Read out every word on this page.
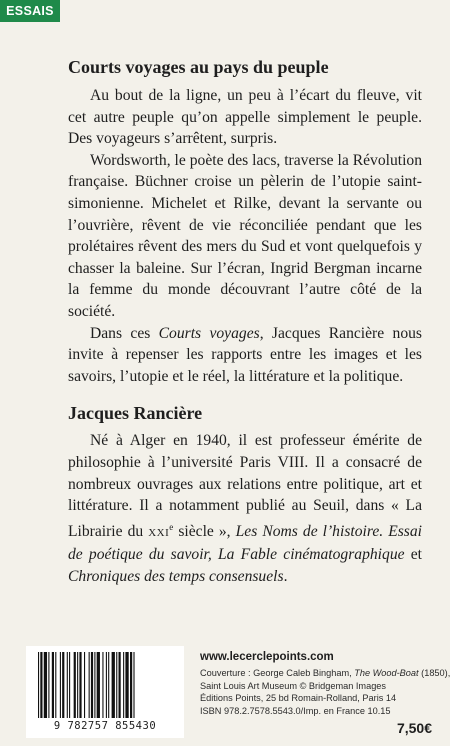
ESSAIS
Courts voyages au pays du peuple

Au bout de la ligne, un peu à l’écart du fleuve, vit cet autre peuple qu’on appelle simplement le peuple. Des voyageurs s’arrêtent, surpris.

Wordsworth, le poète des lacs, traverse la Révolution française. Büchner croise un pèlerin de l’utopie saint-simonienne. Michelet et Rilke, devant la servante ou l’ouvrière, rêvent de vie réconciliée pendant que les prolétaires rêvent des mers du Sud et vont quelquefois y chasser la baleine. Sur l’écran, Ingrid Bergman incarne la femme du monde découvrant l’autre côté de la société.

Dans ces Courts voyages, Jacques Rancière nous invite à repenser les rapports entre les images et les savoirs, l’utopie et le réel, la littérature et la politique.

Jacques Rancière

Né à Alger en 1940, il est professeur émérite de philosophie à l’université Paris VIII. Il a consacré de nombreux ouvrages aux relations entre politique, art et littérature. Il a notamment publié au Seuil, dans « La Librairie du XXIe siècle », Les Noms de l’histoire. Essai de poétique du savoir, La Fable cinématographique et Chroniques des temps consensuels.

9 782757 855430
www.lecerclepoints.com
Couverture : George Caleb Bingham, The Wood-Boat (1850),
Saint Louis Art Museum © Bridgeman Images
Éditions Points, 25 bd Romain-Rolland, Paris 14
ISBN 978.2.7578.5543.0/Imp. en France 10.15
7,50€
